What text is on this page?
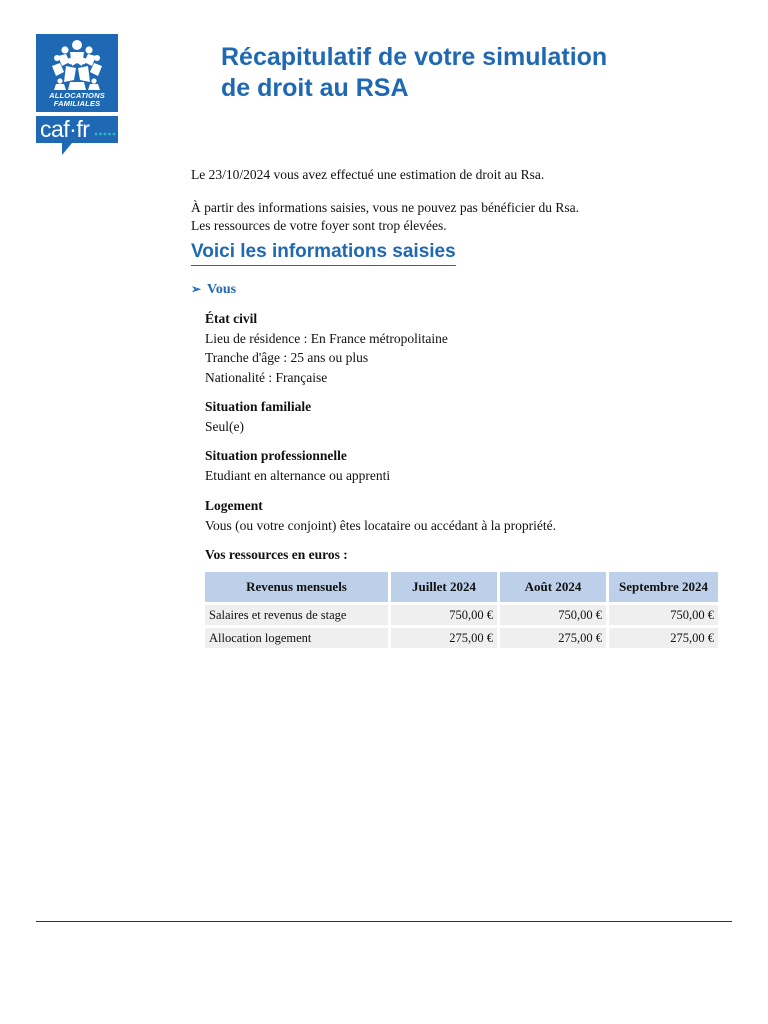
ALLOCATIONS
FAMILIALES
caf·fr
Récapitulatif de votre simulation
de droit au RSA

Le 23/10/2024 vous avez effectué une estimation de droit au Rsa.

À partir des informations saisies, vous ne pouvez pas bénéficier du Rsa.

Les ressources de votre foyer sont trop élevées.

Voici les informations saisies
➢ Vous

État civil

Lieu de résidence : En France métropolitaine

Tranche d'âge : 25 ans ou plus

Nationalité : Française

Situation familiale

Seul(e)

Situation professionnelle

Etudiant en alternance ou apprenti

Logement

Vous (ou votre conjoint) êtes locataire ou accédant à la propriété.

Vos ressources en euros :

Revenus mensuels	Juillet 2024	Août 2024	Septembre 2024
Salaires et revenus de stage	750,00 €	750,00 €	750,00 €
Allocation logement	275,00 €	275,00 €	275,00 €
